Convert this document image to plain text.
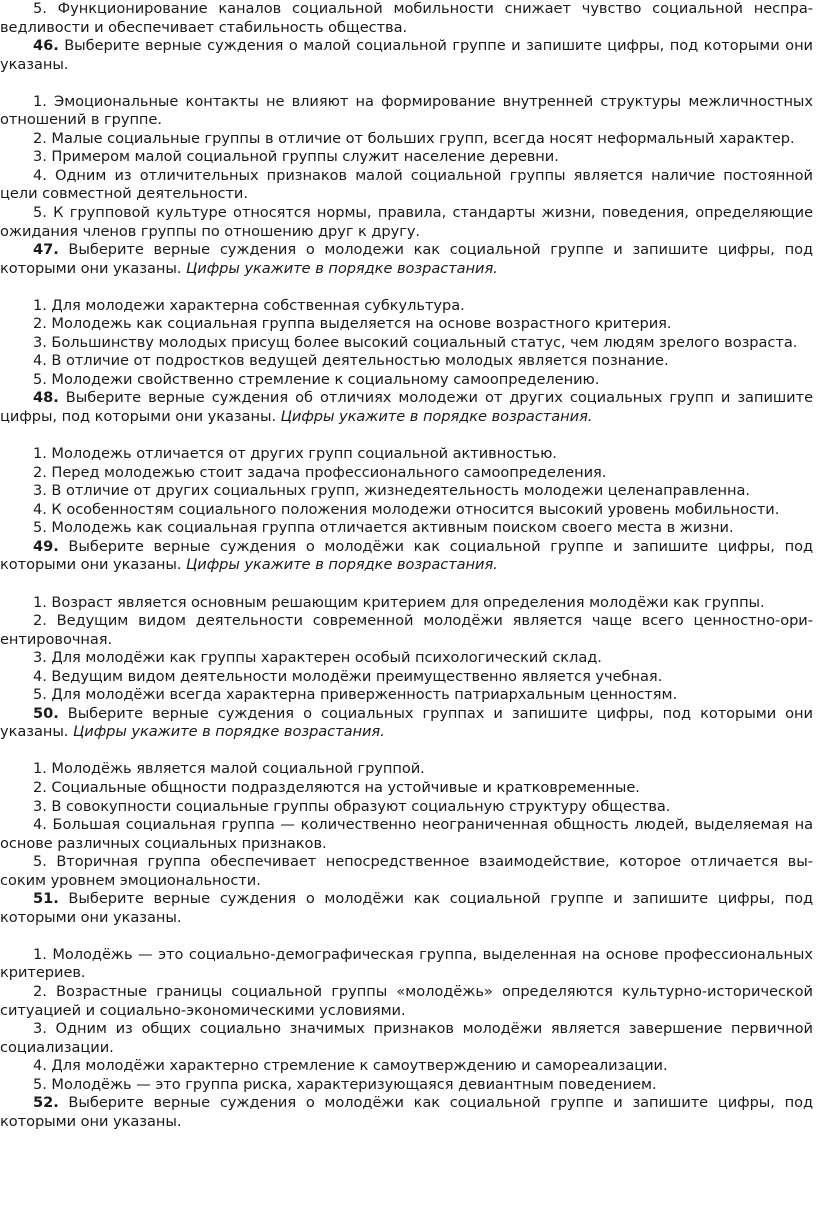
5. Функционирование каналов социальной мобильности снижает чувство социальной несправедливости и обеспечивает стабильность общества.

46. Выберите верные суждения о малой социальной группе и запишите цифры, под которыми они указаны.

1. Эмоциональные контакты не влияют на формирование внутренней структуры межличностных отношений в группе.

2. Малые социальные группы в отличие от больших групп, всегда носят неформальный характер.

3. Примером малой социальной группы служит население деревни.

4. Одним из отличительных признаков малой социальной группы является наличие постоянной цели совместной деятельности.

5. К групповой культуре относятся нормы, правила, стандарты жизни, поведения, определяющие ожидания членов группы по отношению друг к другу.

47. Выберите верные суждения о молодежи как социальной группе и запишите цифры, под которыми они указаны. Цифры укажите в порядке возрастания.

1. Для молодежи характерна собственная субкультура.

2. Молодежь как социальная группа выделяется на основе возрастного критерия.

3. Большинству молодых присущ более высокий социальный статус, чем людям зрелого возраста.

4. В отличие от подростков ведущей деятельностью молодых является познание.

5. Молодежи свойственно стремление к социальному самоопределению.

48. Выберите верные суждения об отличиях молодежи от других социальных групп и запишите цифры, под которыми они указаны. Цифры укажите в порядке возрастания.

1. Молодежь отличается от других групп социальной активностью.

2. Перед молодежью стоит задача профессионального самоопределения.

3. В отличие от других социальных групп, жизнедеятельность молодежи целенаправленна.

4. К особенностям социального положения молодежи относится высокий уровень мобильности.

5. Молодежь как социальная группа отличается активным поиском своего места в жизни.

49. Выберите верные суждения о молодёжи как социальной группе и запишите цифры, под которыми они указаны. Цифры укажите в порядке возрастания.

1. Возраст является основным решающим критерием для определения молодёжи как группы.

2. Ведущим видом деятельности современной молодёжи является чаще всего ценностно-ориентировочная.

3. Для молодёжи как группы характерен особый психологический склад.

4. Ведущим видом деятельности молодёжи преимущественно является учебная.

5. Для молодёжи всегда характерна приверженность патриархальным ценностям.

50. Выберите верные суждения о социальных группах и запишите цифры, под которыми они указаны. Цифры укажите в порядке возрастания.

1. Молодёжь является малой социальной группой.

2. Социальные общности подразделяются на устойчивые и кратковременные.

3. В совокупности социальные группы образуют социальную структуру общества.

4. Большая социальная группа — количественно неограниченная общность людей, выделяемая на основе различных социальных признаков.

5. Вторичная группа обеспечивает непосредственное взаимодействие, которое отличается высоким уровнем эмоциональности.

51. Выберите верные суждения о молодёжи как социальной группе и запишите цифры, под которыми они указаны.

1. Молодёжь — это социально-демографическая группа, выделенная на основе профессиональных критериев.

2. Возрастные границы социальной группы «молодёжь» определяются культурно-исторической ситуацией и социально-экономическими условиями.

3. Одним из общих социально значимых признаков молодёжи является завершение первичной социализации.

4. Для молодёжи характерно стремление к самоутверждению и самореализации.

5. Молодёжь — это группа риска, характеризующаяся девиантным поведением.

52. Выберите верные суждения о молодёжи как социальной группе и запишите цифры, под которыми они указаны.
